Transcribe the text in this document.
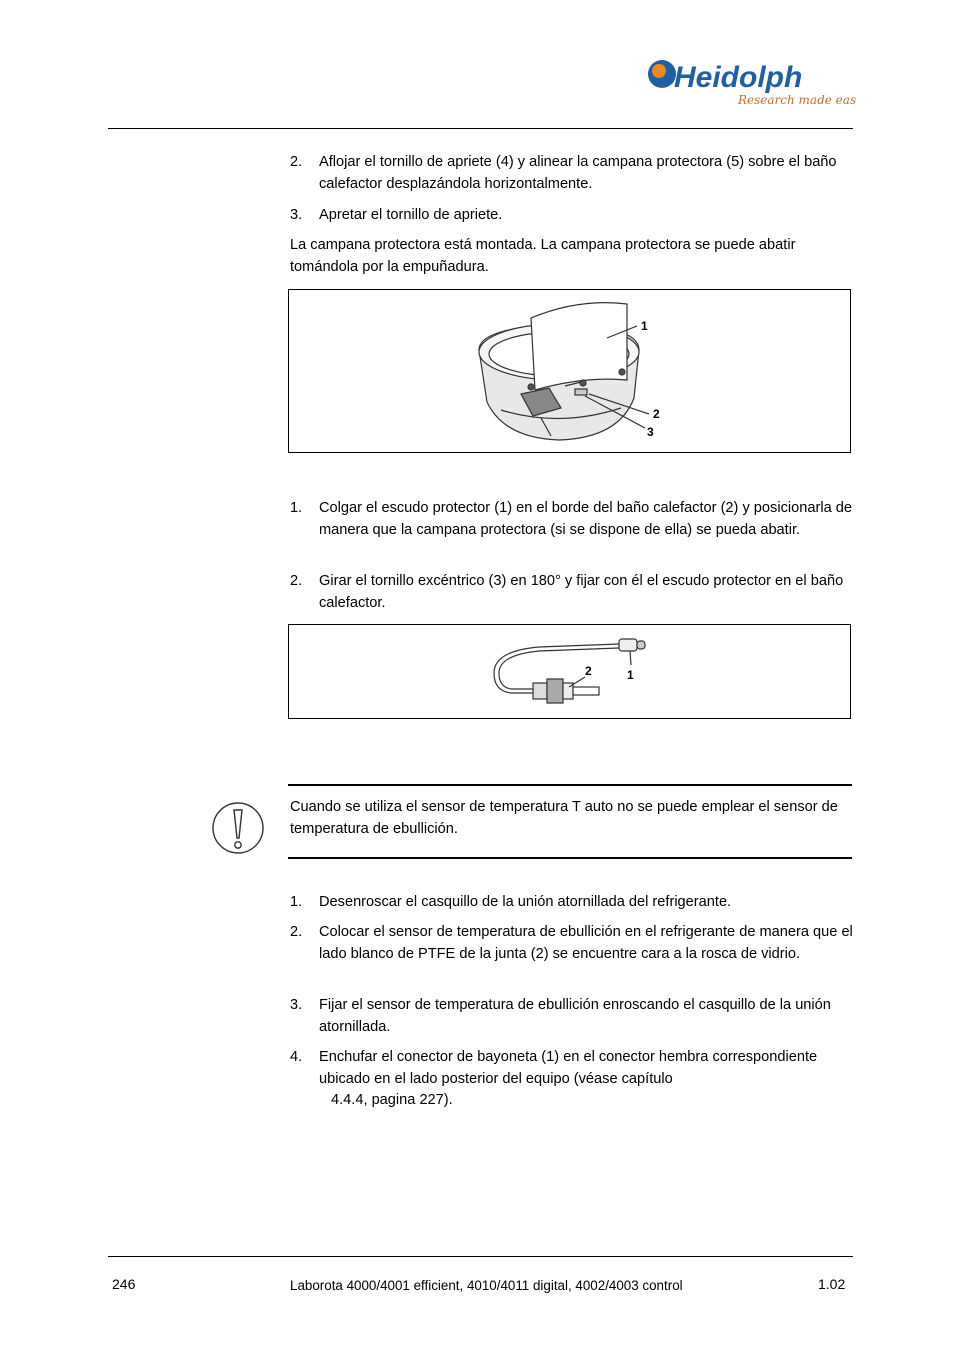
Heidolph
Research made easy
2. Aflojar el tornillo de apriete (4) y alinear la campana protectora (5) sobre el baño calefactor desplazándola horizontalmente.
3. Apretar el tornillo de apriete.
La campana protectora está montada. La campana protectora se puede abatir tomándola por la empuñadura.
1
2
3
1. Colgar el escudo protector (1) en el borde del baño calefactor (2) y posicionarla de manera que la campana protectora (si se dispone de ella) se pueda abatir.
2. Girar el tornillo excéntrico (3) en 180° y fijar con él el escudo protector en el baño calefactor.
2	1
Cuando se utiliza el sensor de temperatura T auto no se puede emplear el sensor de temperatura de ebullición.
1. Desenroscar el casquillo de la unión atornillada del refrigerante.
2. Colocar el sensor de temperatura de ebullición en el refrigerante de manera que el lado blanco de PTFE de la junta (2) se encuentre cara a la rosca de vidrio.
3. Fijar el sensor de temperatura de ebullición enroscando el casquillo de la unión atornillada.
4. Enchufar el conector de bayoneta (1) en el conector hembra correspondiente ubicado en el lado posterior del equipo (véase capítulo
4.4.4, pagina 227).
246	Laborota 4000/4001 efficient, 4010/4011 digital, 4002/4003 control	1.02
